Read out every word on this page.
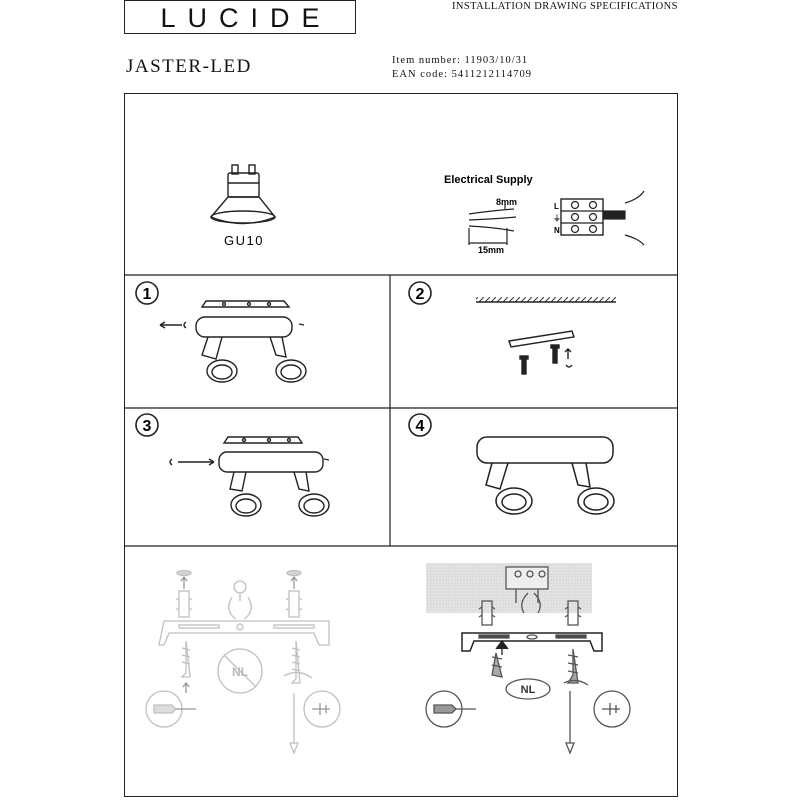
LUCIDE	INSTALLATION DRAWING SPECIFICATIONS
JASTER-LED	Item number: 11903/10/31
EAN code: 5411212114709
GU10
Electrical Supply
8mm
15mm
L
⏚
N
1	2
3	4
NL
NL
